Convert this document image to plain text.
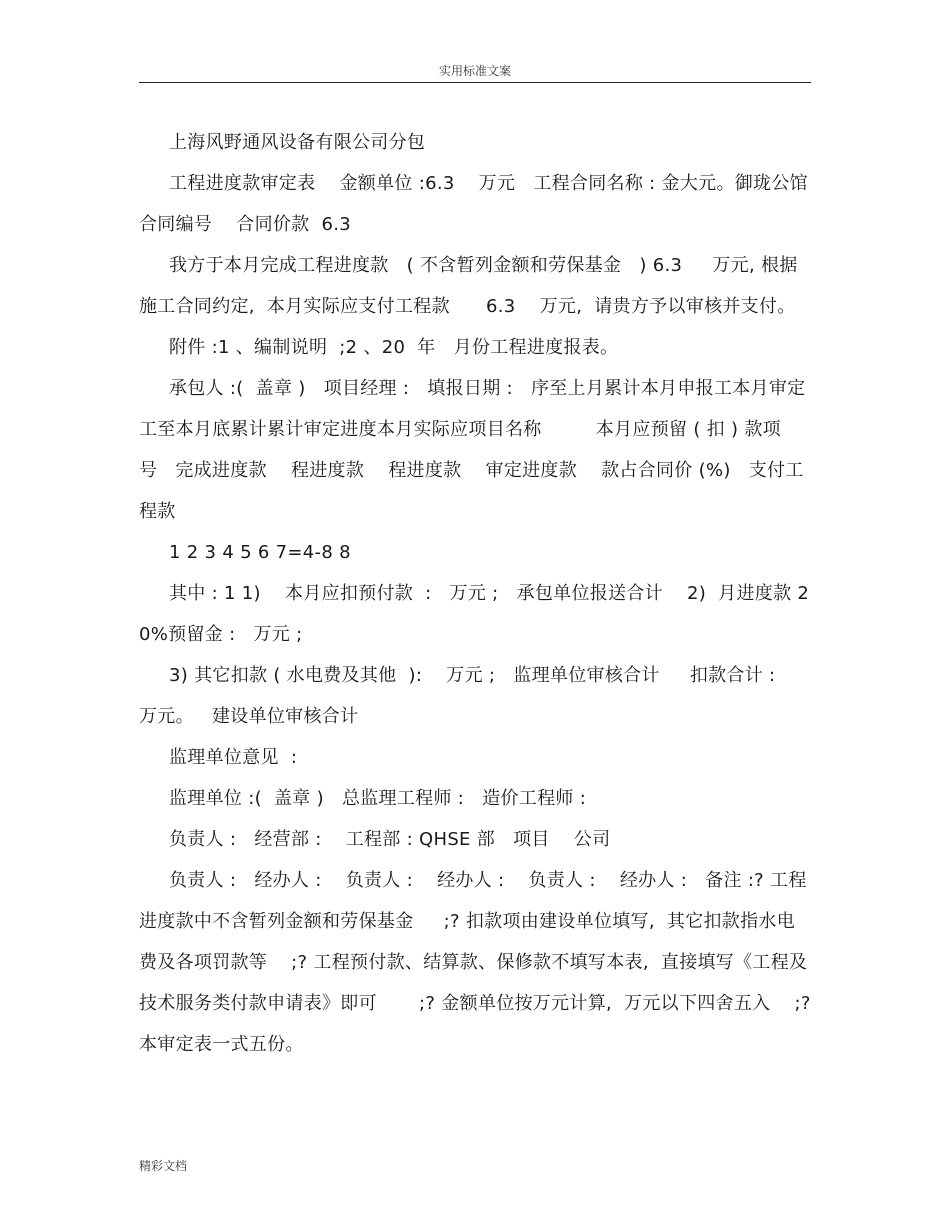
实用标准文案

上海风野通风设备有限公司分包

工程进度款审定表    金额单位 :6.3    万元   工程合同名称 : 金大元。御珑公馆   合同编号    合同价款  6.3

我方于本月完成工程进度款   ( 不含暂列金额和劳保基金   ) 6.3     万元, 根据施工合同约定,  本月实际应支付工程款      6.3    万元,  请贵方予以审核并支付。

附件 :1 、编制说明  ;2 、20  年   月份工程进度报表。

承包人 :(  盖章 )   项目经理 :   填报日期 :   序至上月累计本月申报工本月审定工至本月底累计累计审定进度本月实际应项目名称         本月应预留 ( 扣 ) 款项    号   完成进度款    程进度款    程进度款    审定进度款    款占合同价 (%)   支付工程款

1 2 3 4 5 6 7=4-8 8

其中 : 1 1)    本月应扣预付款  :   万元 ;   承包单位报送合计    2)  月进度款 20%预留金 :   万元 ;

3) 其它扣款 ( 水电费及其他  ):    万元 ;   监理单位审核合计     扣款合计 :   万元。   建设单位审核合计

监理单位意见  :

监理单位 :(  盖章 )   总监理工程师 :   造价工程师 :

负责人 :   经营部 :    工程部 : QHSE 部   项目    公司

负责人 :   经办人 :    负责人 :    经办人 :    负责人 :    经办人 :   备注 :? 工程进度款中不含暂列金额和劳保基金     ;? 扣款项由建设单位填写,  其它扣款指水电费及各项罚款等    ;? 工程预付款、结算款、保修款不填写本表,  直接填写《工程及技术服务类付款申请表》即可       ;? 金额单位按万元计算,  万元以下四舍五入    ;? 本审定表一式五份。

精彩文档
